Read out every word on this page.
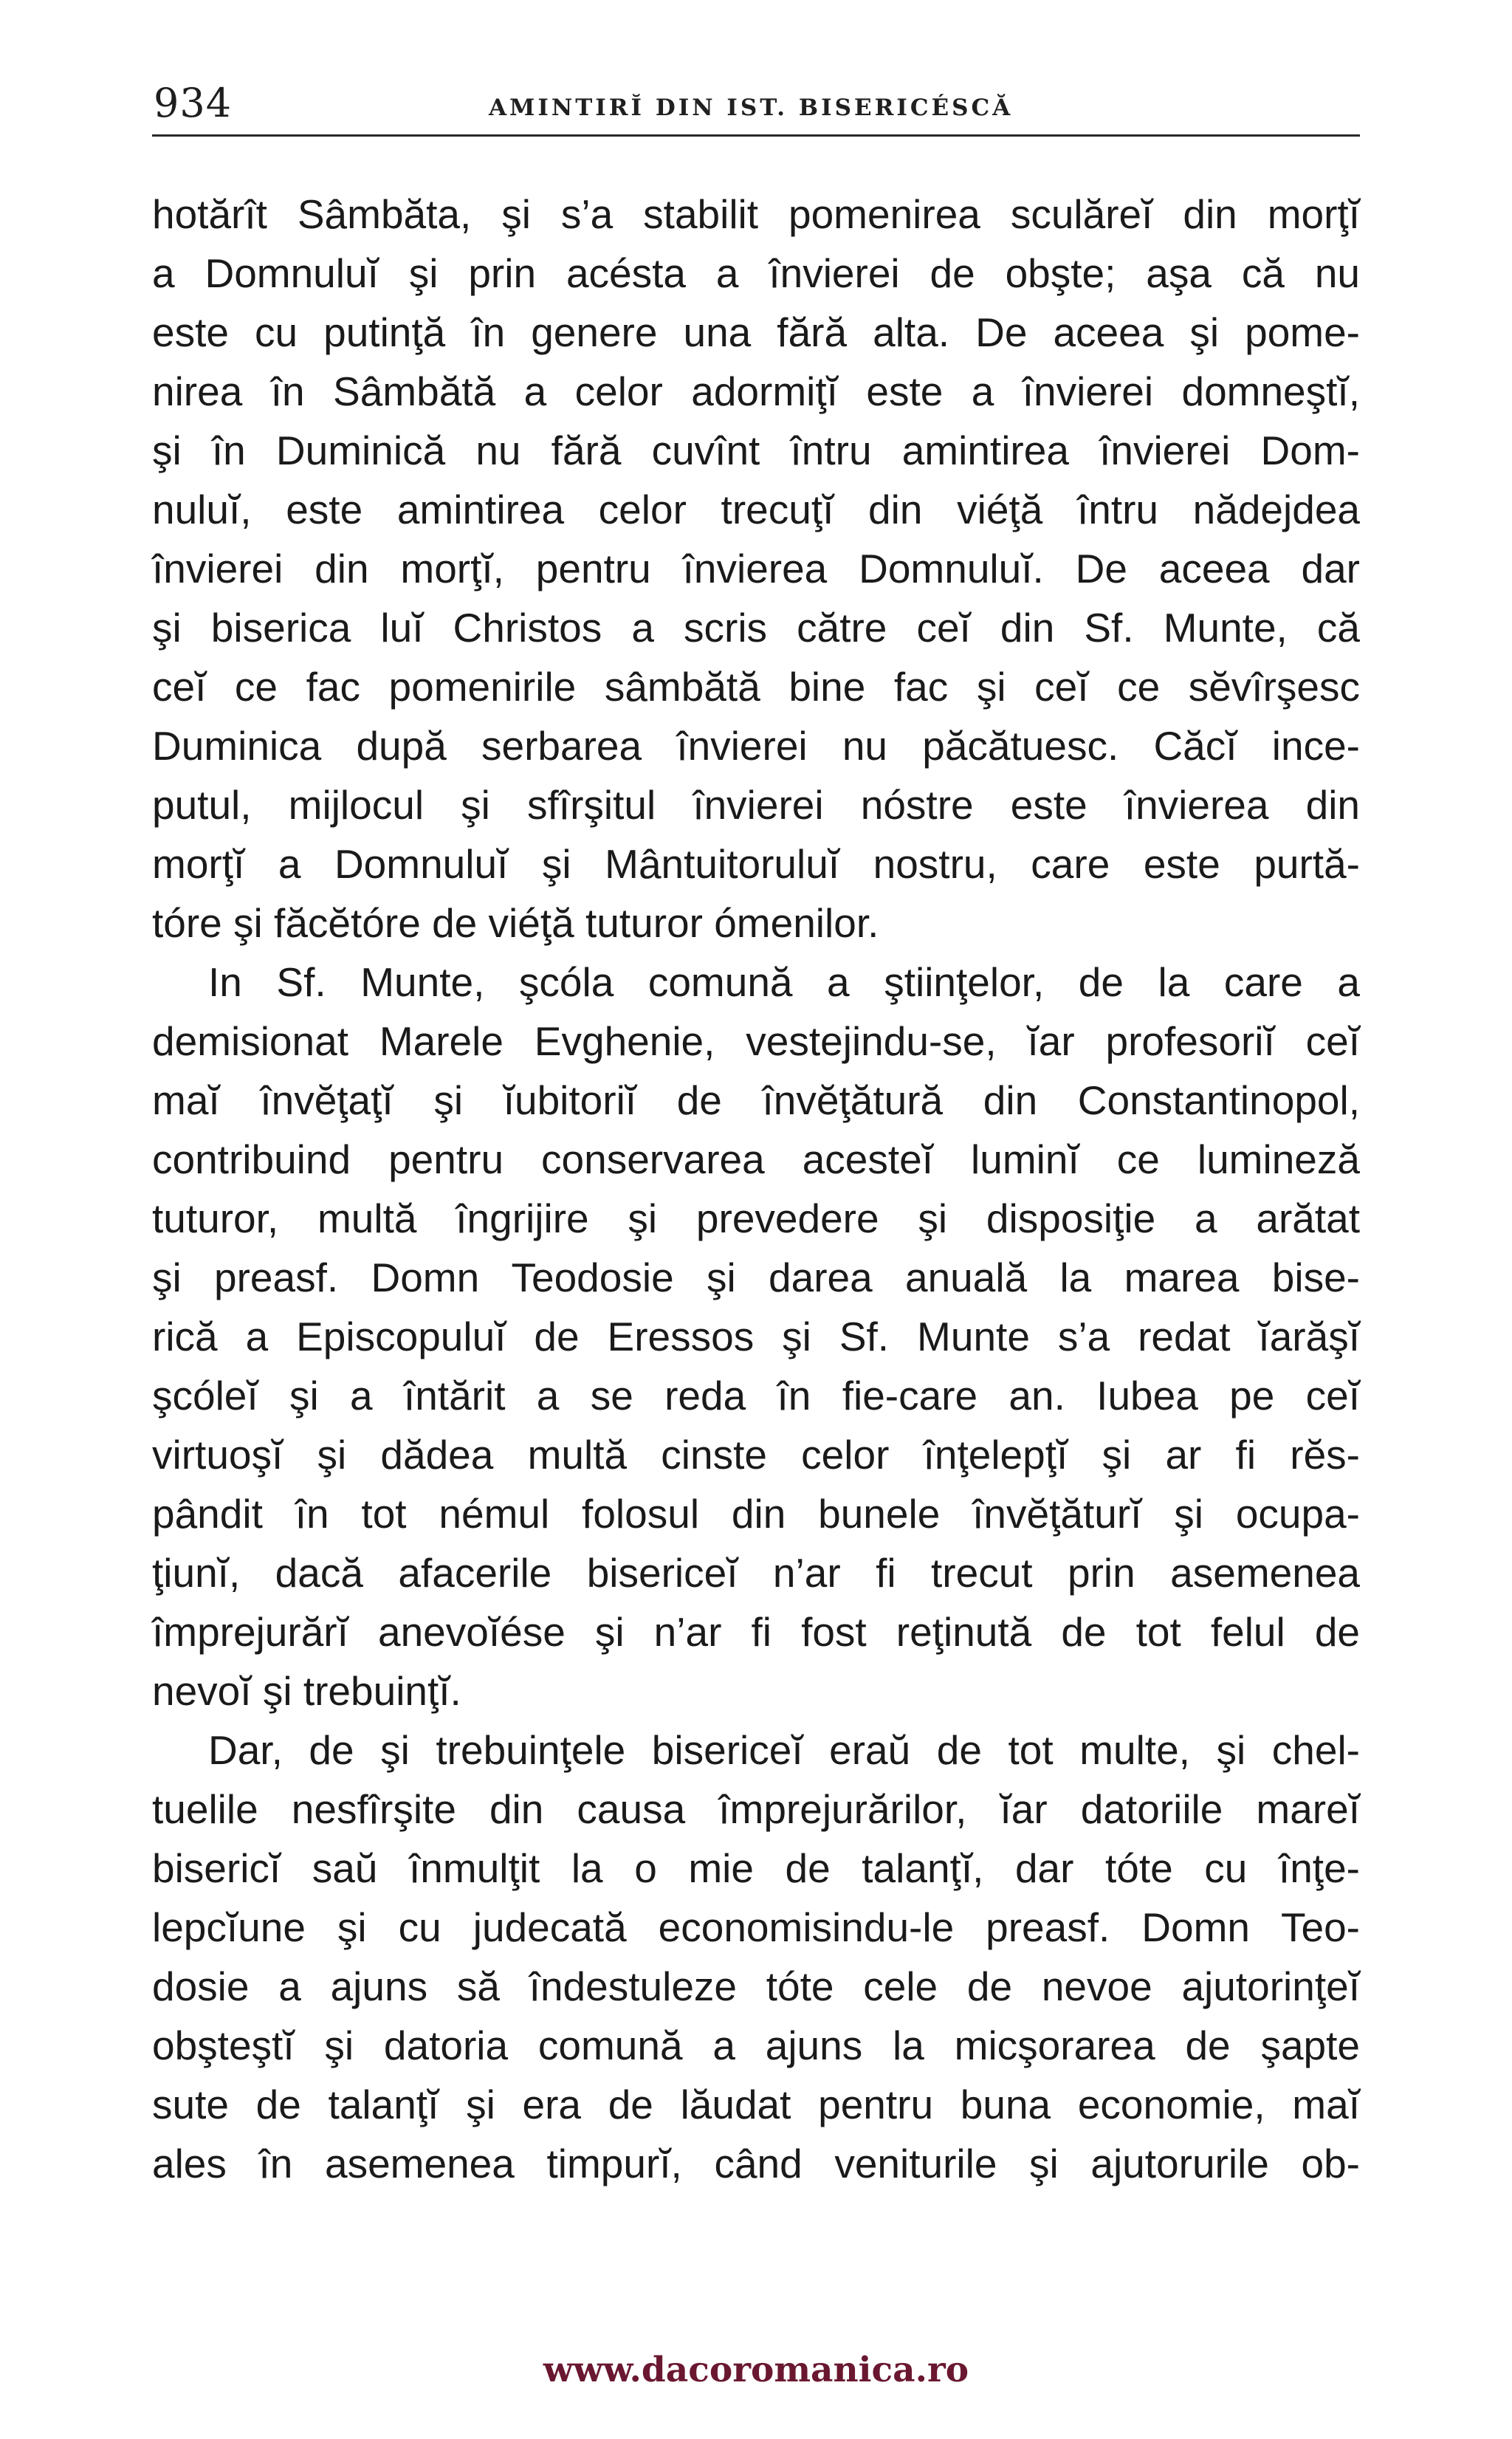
934	AMINTIRĬ DIN IST. BISERICÉSCĂ
hotărît Sâmbăta, şi s’a stabilit pomenirea sculăreĭ din morţĭ
a Domnuluĭ şi prin acésta a învierei de obşte; aşa că nu
este cu putinţă în genere una fără alta. De aceea şi pome-
nirea în Sâmbătă a celor adormiţĭ este a învierei domneştĭ,
şi în Duminică nu fără cuvînt întru amintirea învierei Dom-
nuluĭ, este amintirea celor trecuţĭ din viéţă întru nădejdea
învierei din morţĭ, pentru învierea Domnuluĭ. De aceea dar
şi biserica luĭ Christos a scris către ceĭ din Sf. Munte, că
ceĭ ce fac pomenirile sâmbătă bine fac şi ceĭ ce sĕvîrşesc
Duminica după serbarea învierei nu păcătuesc. Căcĭ ince-
putul, mijlocul şi sfîrşitul învierei nóstre este învierea din
morţĭ a Domnuluĭ şi Mântuitoruluĭ nostru, care este purtă-
tóre şi făcĕtóre de viéţă tuturor ómenilor.
In Sf. Munte, şcóla comună a ştiinţelor, de la care a
demisionat Marele Evghenie, vestejindu-se, ĭar profesoriĭ ceĭ
maĭ învĕţaţĭ şi ĭubitoriĭ de învĕţătură din Constantinopol,
contribuind pentru conservarea acesteĭ luminĭ ce lumineză
tuturor, multă îngrijire şi prevedere şi disposiţie a arătat
şi preasf. Domn Teodosie şi darea anuală la marea bise-
rică a Episcopuluĭ de Eressos şi Sf. Munte s’a redat ĭarăşĭ
şcóleĭ şi a întărit a se reda în fie-care an. Iubea pe ceĭ
virtuoşĭ şi dădea multă cinste celor înţelepţĭ şi ar fi rĕs-
pândit în tot némul folosul din bunele învĕţăturĭ şi ocupa-
ţiunĭ, dacă afacerile bisericeĭ n’ar fi trecut prin asemenea
împrejurărĭ anevoĭése şi n’ar fi fost reţinută de tot felul de
nevoĭ şi trebuinţĭ.
Dar, de şi trebuinţele bisericeĭ eraŭ de tot multe, şi chel-
tuelile nesfîrşite din causa împrejurărilor, ĭar datoriile mareĭ
bisericĭ saŭ înmulţit la o mie de talanţĭ, dar tóte cu înţe-
lepcĭune şi cu judecată economisindu-le preasf. Domn Teo-
dosie a ajuns să îndestuleze tóte cele de nevoe ajutorinţeĭ
obşteştĭ şi datoria comună a ajuns la micşorarea de şapte
sute de talanţĭ şi era de lăudat pentru buna economie, maĭ
ales în asemenea timpurĭ, când veniturile şi ajutorurile ob-
www.dacoromanica.ro
